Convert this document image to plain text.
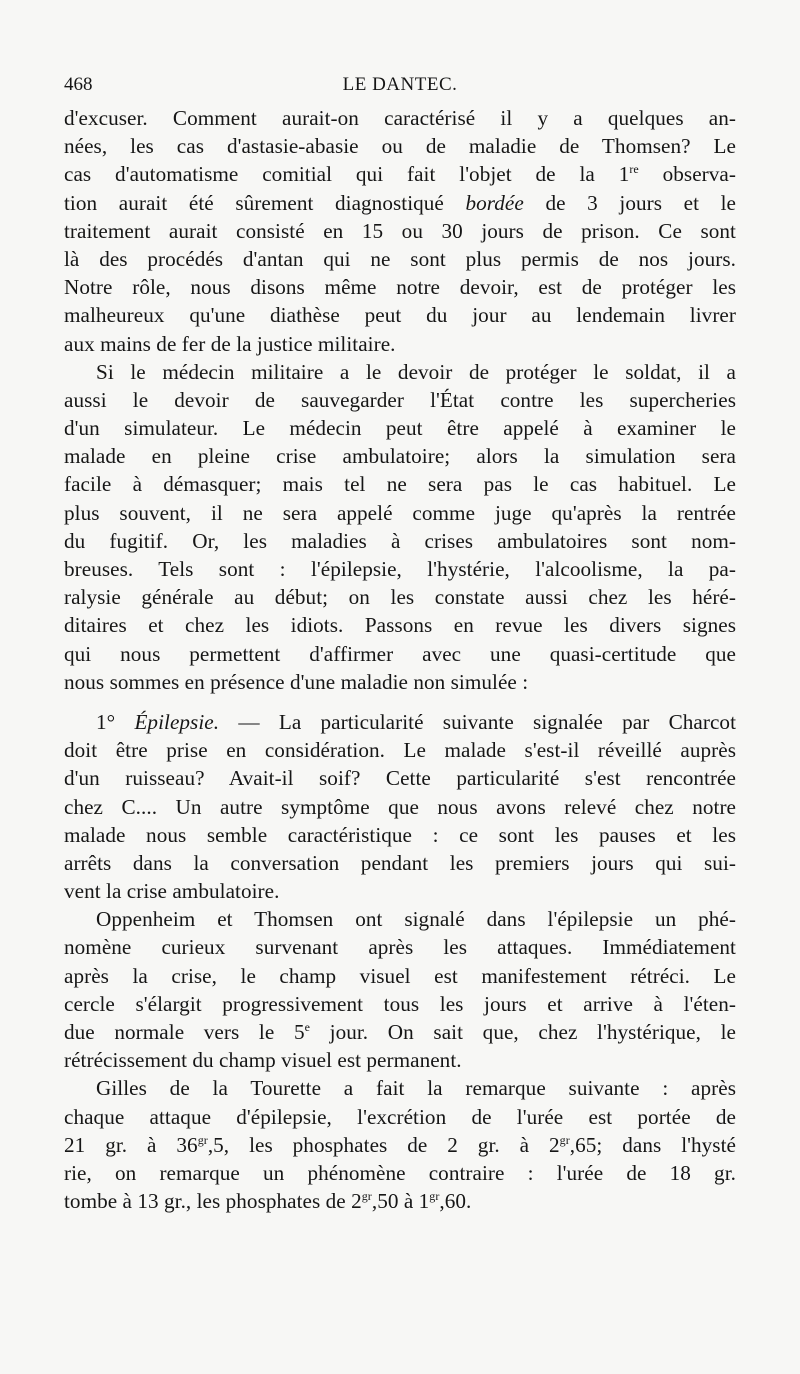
468	LE DANTEC.
d'excuser. Comment aurait-on caractérisé il y a quelques an-
nées, les cas d'astasie-abasie ou de maladie de Thomsen? Le
cas d'automatisme comitial qui fait l'objet de la 1re observa-
tion aurait été sûrement diagnostiqué bordée de 3 jours et le
traitement aurait consisté en 15 ou 30 jours de prison. Ce sont
là des procédés d'antan qui ne sont plus permis de nos jours.
Notre rôle, nous disons même notre devoir, est de protéger les
malheureux qu'une diathèse peut du jour au lendemain livrer
aux mains de fer de la justice militaire.
Si le médecin militaire a le devoir de protéger le soldat, il a
aussi le devoir de sauvegarder l'État contre les supercheries
d'un simulateur. Le médecin peut être appelé à examiner le
malade en pleine crise ambulatoire; alors la simulation sera
facile à démasquer; mais tel ne sera pas le cas habituel. Le
plus souvent, il ne sera appelé comme juge qu'après la rentrée
du fugitif. Or, les maladies à crises ambulatoires sont nom-
breuses. Tels sont : l'épilepsie, l'hystérie, l'alcoolisme, la pa-
ralysie générale au début; on les constate aussi chez les héré-
ditaires et chez les idiots. Passons en revue les divers signes
qui nous permettent d'affirmer avec une quasi-certitude que
nous sommes en présence d'une maladie non simulée :
1° Épilepsie. — La particularité suivante signalée par Charcot
doit être prise en considération. Le malade s'est-il réveillé auprès
d'un ruisseau? Avait-il soif? Cette particularité s'est rencontrée
chez C.... Un autre symptôme que nous avons relevé chez notre
malade nous semble caractéristique : ce sont les pauses et les
arrêts dans la conversation pendant les premiers jours qui sui-
vent la crise ambulatoire.
Oppenheim et Thomsen ont signalé dans l'épilepsie un phé-
nomène curieux survenant après les attaques. Immédiatement
après la crise, le champ visuel est manifestement rétréci. Le
cercle s'élargit progressivement tous les jours et arrive à l'éten-
due normale vers le 5e jour. On sait que, chez l'hystérique, le
rétrécissement du champ visuel est permanent.
Gilles de la Tourette a fait la remarque suivante : après
chaque attaque d'épilepsie, l'excrétion de l'urée est portée de
21 gr. à $36^{gr},5$, les phosphates de 2 gr. à $2^{gr},65$; dans l'hysté
rie, on remarque un phénomène contraire : l'urée de 18 gr.
tombe à 13 gr., les phosphates de $2^{gr},50$ à $1^{gr},60$.
